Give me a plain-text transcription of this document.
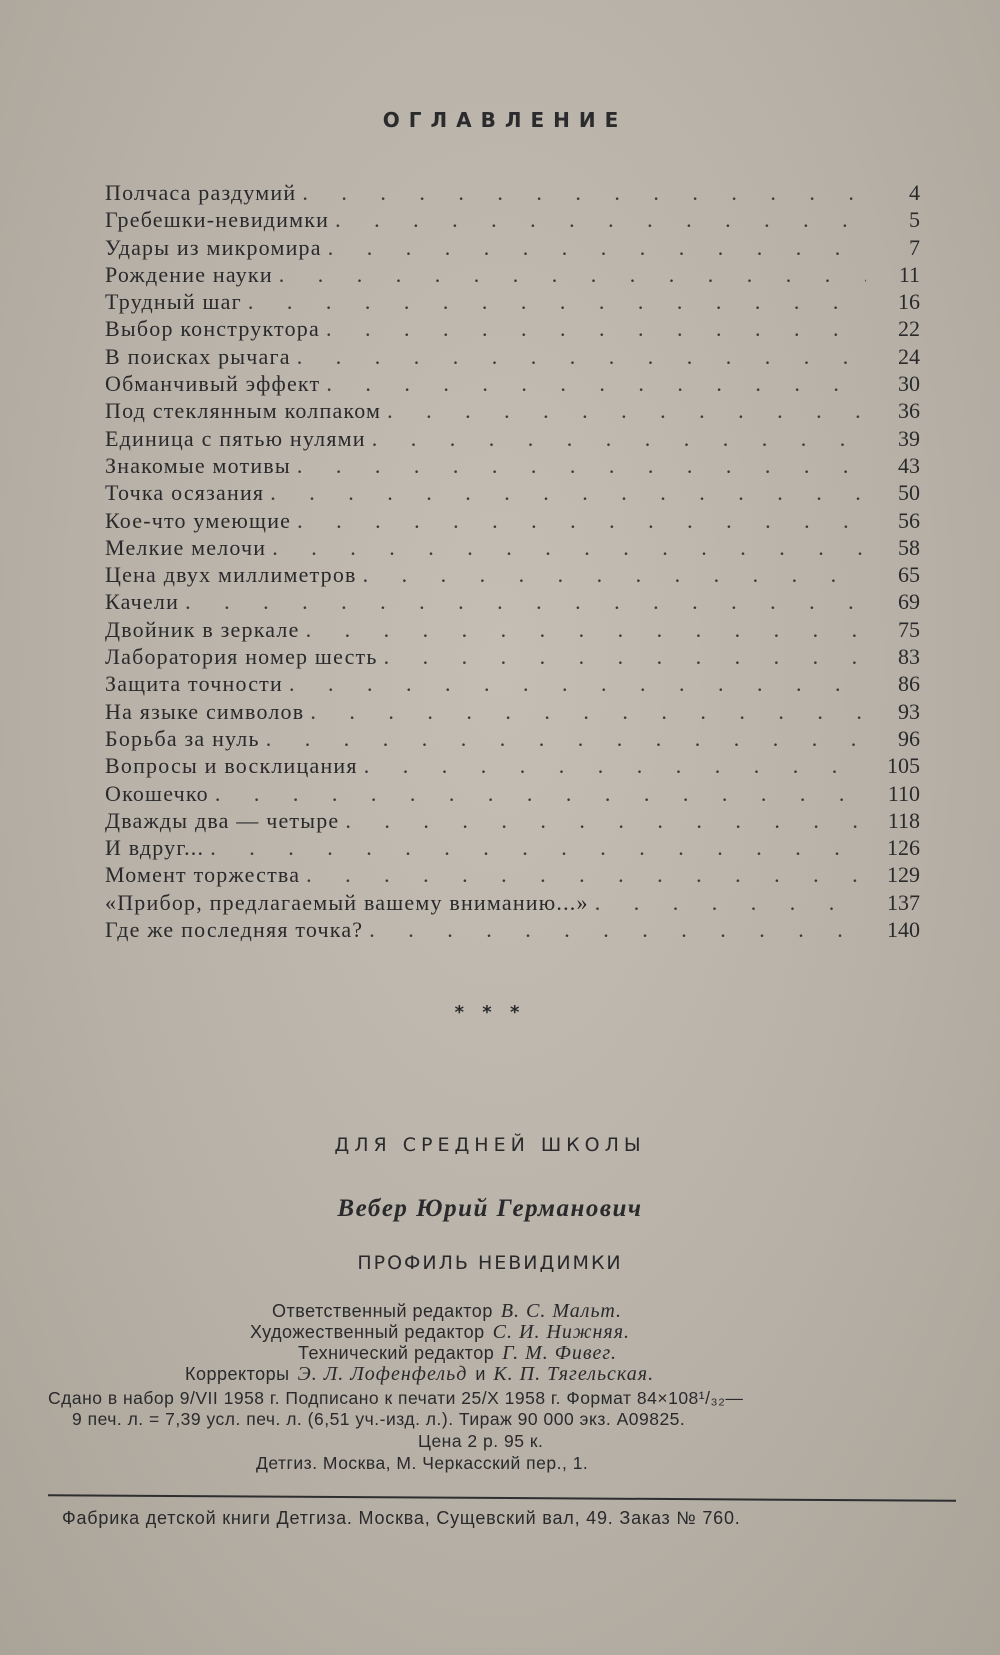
ОГЛАВЛЕНИЕ
Полчаса раздумий . . .	4
Гребешки-невидимки . . .	5
Удары из микромира . . .	7
Рождение науки . . .	11
Трудный шаг . . .	16
Выбор конструктора . . .	22
В поисках рычага . . .	24
Обманчивый эффект . . .	30
Под стеклянным колпаком . . .	36
Единица с пятью нулями . . .	39
Знакомые мотивы . . .	43
Точка осязания . . .	50
Кое-что умеющие . . .	56
Мелкие мелочи . . .	58
Цена двух миллиметров . . .	65
Качели . . .	69
Двойник в зеркале . . .	75
Лаборатория номер шесть . . .	83
Защита точности . . .	86
На языке символов . . .	93
Борьба за нуль . . .	96
Вопросы и восклицания . . .	105
Окошечко . . .	110
Дважды два — четыре . . .	118
И вдруг... . . .	126
Момент торжества . . .	129
«Прибор, предлагаемый вашему вниманию...» . . .	137
Где же последняя точка? . . .	140
* * *
ДЛЯ СРЕДНЕЙ ШКОЛЫ
Вебер Юрий Германович
ПРОФИЛЬ НЕВИДИМКИ
Ответственный редактор В. С. Мальт.
Художественный редактор С. И. Нижняя.
Технический редактор Г. М. Фивег.
Корректоры Э. Л. Лофенфельд и К. П. Тягельская.
Сдано в набор 9/VII 1958 г. Подписано к печати 25/X 1958 г. Формат 84×108¹/₃₂—
9 печ. л. = 7,39 усл. печ. л. (6,51 уч.-изд. л.). Тираж 90 000 экз. А09825.
Цена 2 р. 95 к.
Детгиз. Москва, М. Черкасский пер., 1.
Фабрика детской книги Детгиза. Москва, Сущевский вал, 49. Заказ № 760.
